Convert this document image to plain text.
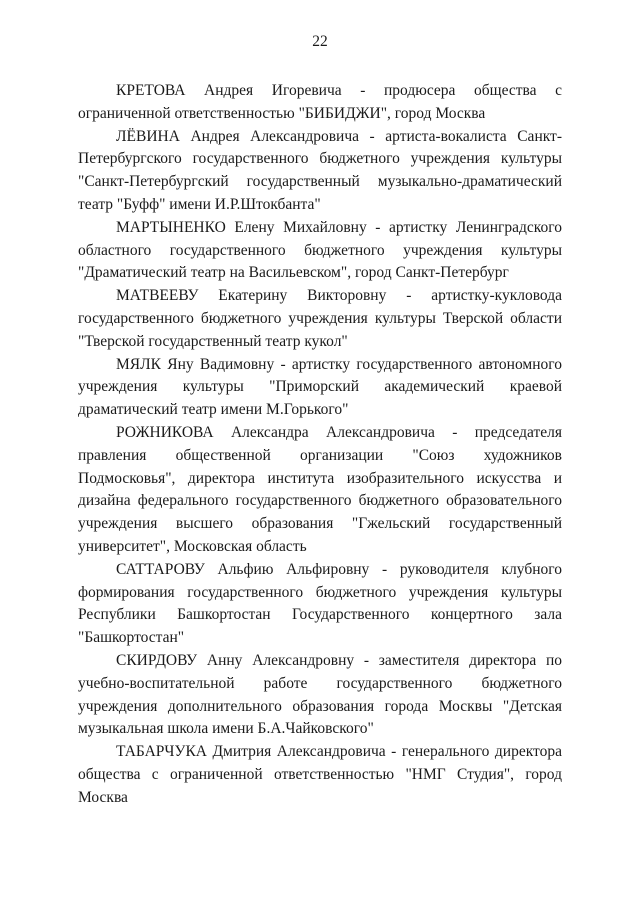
22

КРЕТОВА Андрея Игоревича - продюсера общества с ограниченной ответственностью "БИБИДЖИ", город Москва

ЛЁВИНА Андрея Александровича - артиста-вокалиста Санкт-Петербургского государственного бюджетного учреждения культуры "Санкт-Петербургский государственный музыкально-драматический театр "Буфф" имени И.Р.Штокбанта"

МАРТЫНЕНКО Елену Михайловну - артистку Ленинградского областного государственного бюджетного учреждения культуры "Драматический театр на Васильевском", город Санкт-Петербург

МАТВЕЕВУ Екатерину Викторовну - артистку-кукловода государственного бюджетного учреждения культуры Тверской области "Тверской государственный театр кукол"

МЯЛК Яну Вадимовну - артистку государственного автономного учреждения культуры "Приморский академический краевой драматический театр имени М.Горького"

РОЖНИКОВА Александра Александровича - председателя правления общественной организации "Союз художников Подмосковья", директора института изобразительного искусства и дизайна федерального государственного бюджетного образовательного учреждения высшего образования "Гжельский государственный университет", Московская область

САТТАРОВУ Альфию Альфировну - руководителя клубного формирования государственного бюджетного учреждения культуры Республики Башкортостан Государственного концертного зала "Башкортостан"

СКИРДОВУ Анну Александровну - заместителя директора по учебно-воспитательной работе государственного бюджетного учреждения дополнительного образования города Москвы "Детская музыкальная школа имени Б.А.Чайковского"

ТАБАРЧУКА Дмитрия Александровича - генерального директора общества с ограниченной ответственностью "НМГ Студия", город Москва
